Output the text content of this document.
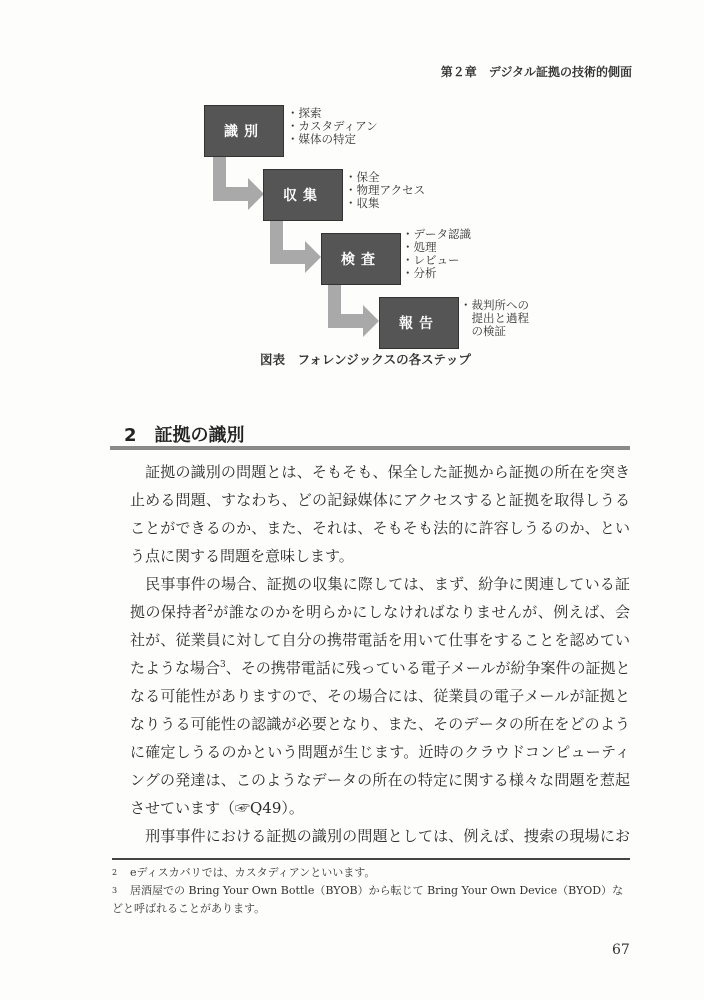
第２章　デジタル証拠の技術的側面
識別
・探索
・カスタディアン
・媒体の特定
収集
・保全
・物理アクセス
・収集
検査
・データ認識
・処理
・レビュー
・分析
報告
・裁判所への
　提出と過程
　の検証
図表　フォレンジックスの各ステップ
2 証拠の識別
　証拠の識別の問題とは、そもそも、保全した証拠から証拠の所在を突き
止める問題、すなわち、どの記録媒体にアクセスすると証拠を取得しうる
ことができるのか、また、それは、そもそも法的に許容しうるのか、とい
う点に関する問題を意味します。
　民事事件の場合、証拠の収集に際しては、まず、紛争に関連している証
拠の保持者$^2$が誰なのかを明らかにしなければなりませんが、例えば、会
社が、従業員に対して自分の携帯電話を用いて仕事をすることを認めてい
たような場合$^3$、その携帯電話に残っている電子メールが紛争案件の証拠と
なる可能性がありますので、その場合には、従業員の電子メールが証拠と
なりうる可能性の認識が必要となり、また、そのデータの所在をどのよう
に確定しうるのかという問題が生じます。近時のクラウドコンピューティ
ングの発達は、このようなデータの所在の特定に関する様々な問題を惹起
させています（☞Q49）。
　刑事事件における証拠の識別の問題としては、例えば、捜索の現場にお
2 eディスカバリでは、カスタディアンといいます。
3 居酒屋での Bring Your Own Bottle（BYOB）から転じて Bring Your Own Device（BYOD）などと呼ばれることがあります。
67
